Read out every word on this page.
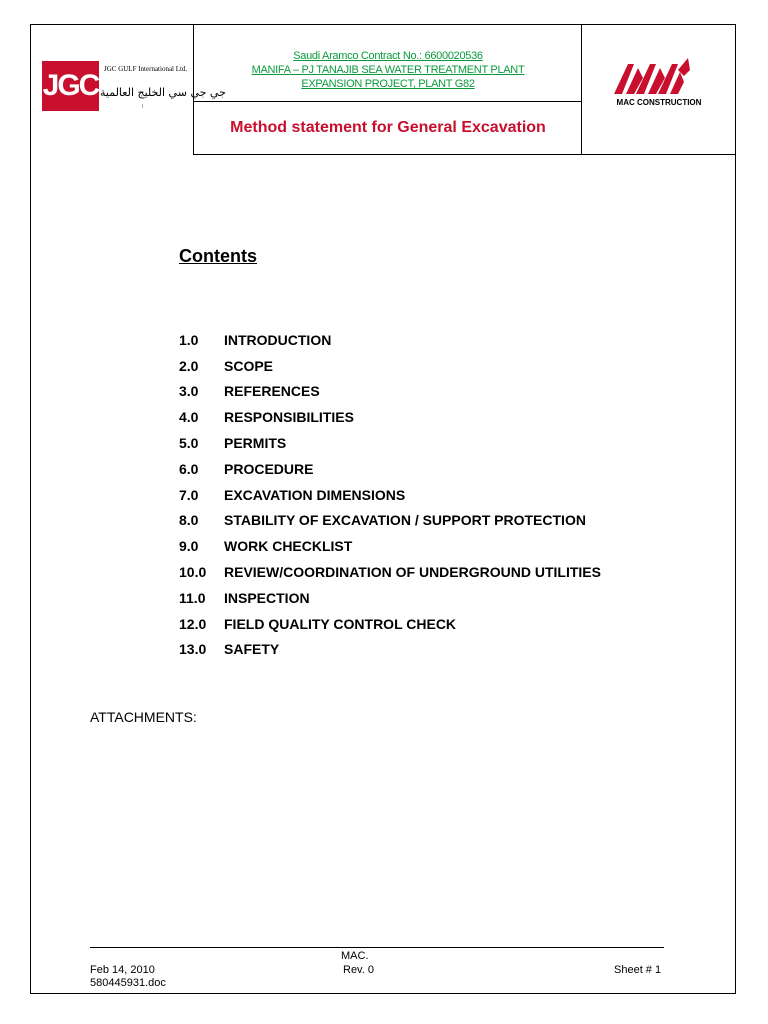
JGC JGC GULF International Ltd.
جي جي سي الخليج العالمية
ا
Saudi Aramco Contract No.: 6600020536
MANIFA – PJ TANAJIB SEA WATER TREATMENT PLANT
EXPANSION PROJECT, PLANT G82
Method statement for General Excavation
MAC CONSTRUCTION
Contents
1.0	INTRODUCTION
2.0	SCOPE
3.0	REFERENCES
4.0	RESPONSIBILITIES
5.0	PERMITS
6.0	PROCEDURE
7.0	EXCAVATION DIMENSIONS
8.0	STABILITY OF EXCAVATION / SUPPORT PROTECTION
9.0	WORK CHECKLIST
10.0	REVIEW/COORDINATION OF UNDERGROUND UTILITIES
11.0	INSPECTION
12.0	FIELD QUALITY CONTROL CHECK
13.0	SAFETY
ATTACHMENTS:
MAC.
Feb 14, 2010	Rev. 0	Sheet # 1
580445931.doc
